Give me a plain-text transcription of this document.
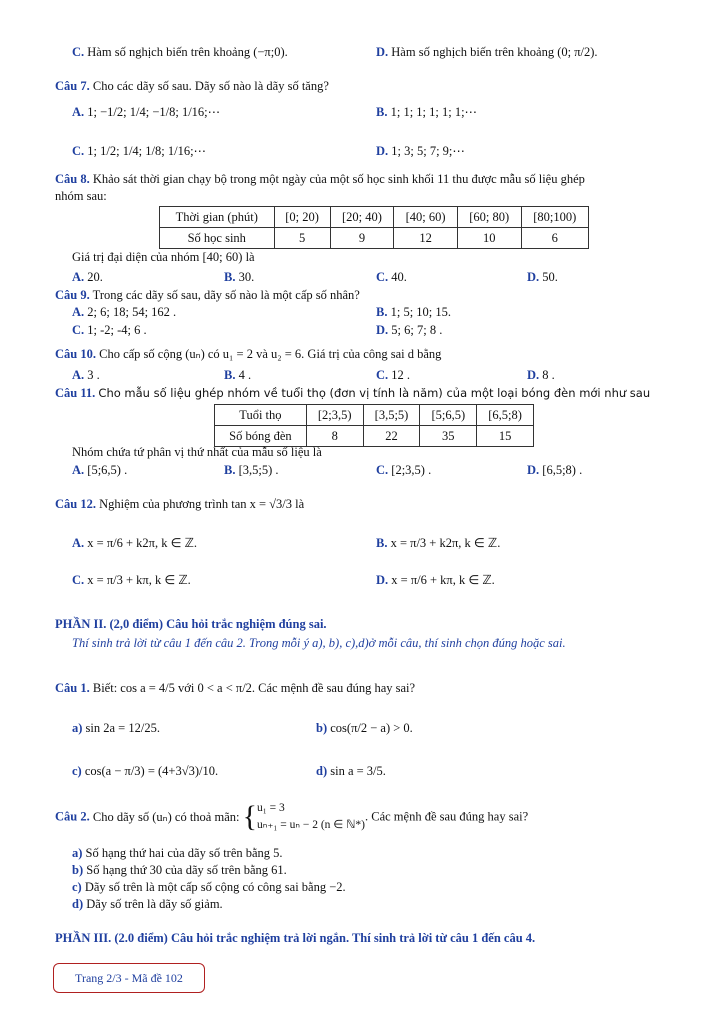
C. Hàm số nghịch biến trên khoảng (−π;0).	D. Hàm số nghịch biến trên khoảng (0; π/2).
Câu 7. Cho các dãy số sau. Dãy số nào là dãy số tăng?
A. 1; −1/2; 1/4; −1/8; 1/16;⋯	B. 1; 1; 1; 1; 1; 1;⋯
C. 1; 1/2; 1/4; 1/8; 1/16;⋯	D. 1; 3; 5; 7; 9;⋯
Câu 8. Khảo sát thời gian chạy bộ trong một ngày của một số học sinh khối 11 thu được mẫu số liệu ghép
nhóm sau:
Thời gian (phút)	[0; 20)	[20; 40)	[40; 60)	[60; 80)	[80;100)
Số học sinh	5	9	12	10	6
Giá trị đại diện của nhóm [40; 60) là
A. 20.	B. 30.	C. 40.	D. 50.
Câu 9. Trong các dãy số sau, dãy số nào là một cấp số nhân?
A. 2; 6; 18; 54; 162 .	B. 1; 5; 10; 15.
C. 1; -2; -4; 6 .	D. 5; 6; 7; 8 .
Câu 10. Cho cấp số cộng (uₙ) có u₁ = 2 và u₂ = 6. Giá trị của công sai d bằng
A. 3 .	B. 4 .	C. 12 .	D. 8 .
Câu 11. Cho mẫu số liệu ghép nhóm về tuổi thọ (đơn vị tính là năm) của một loại bóng đèn mới như sau
Tuổi thọ	[2;3,5)	[3,5;5)	[5;6,5)	[6,5;8)
Số bóng đèn	8	22	35	15
Nhóm chứa tứ phân vị thứ nhất của mẫu số liệu là
A. [5;6,5) .	B. [3,5;5) .	C. [2;3,5) .	D. [6,5;8) .
Câu 12. Nghiệm của phương trình tan x = √3/3 là
A. x = π/6 + k2π, k ∈ ℤ.	B. x = π/3 + k2π, k ∈ ℤ.
C. x = π/3 + kπ, k ∈ ℤ.	D. x = π/6 + kπ, k ∈ ℤ.
PHẦN II. (2,0 điểm) Câu hỏi trắc nghiệm đúng sai.
Thí sinh trả lời từ câu 1 đến câu 2. Trong mỗi ý a), b), c),d)ở mỗi câu, thí sinh chọn đúng hoặc sai.
Câu 1. Biết: cos a = 4/5 với 0 < a < π/2. Các mệnh đề sau đúng hay sai?
a) sin 2a = 12/25.	b) cos(π/2 − a) > 0.
c) cos(a − π/3) = (4+3√3)/10.	d) sin a = 3/5.
Câu 2. Cho dãy số (uₙ) có thoả mãn: { u₁ = 3
uₙ₊₁ = uₙ − 2 (n ∈ ℕ*)
. Các mệnh đề sau đúng hay sai?
a) Số hạng thứ hai của dãy số trên bằng 5.
b) Số hạng thứ 30 của dãy số trên bằng 61.
c) Dãy số trên là một cấp số cộng có công sai bằng −2.
d) Dãy số trên là dãy số giảm.
PHẦN III. (2.0 điểm) Câu hỏi trắc nghiệm trả lời ngắn. Thí sinh trả lời từ câu 1 đến câu 4.
Trang 2/3 - Mã đề 102
